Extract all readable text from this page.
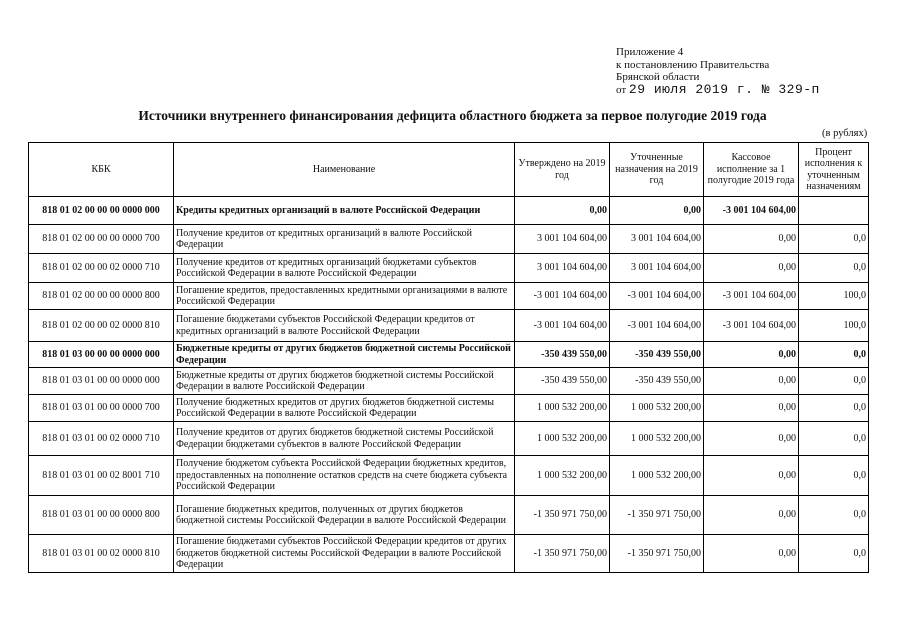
Приложение 4
к постановлению Правительства
Брянской области
от 29 июля 2019 г. № 329-п
Источники внутреннего финансирования дефицита областного бюджета за первое полугодие 2019 года
(в рублях)
КБК	Наименование	Утверждено на 2019 год	Уточненные назначения на 2019 год	Кассовое исполнение за 1 полугодие 2019 года	Процент исполнения к уточненным назначениям
818 01 02 00 00 00 0000 000	Кредиты кредитных организаций в валюте Российской Федерации	0,00	0,00	-3 001 104 604,00	
818 01 02 00 00 00 0000 700	Получение кредитов от кредитных организаций в валюте Российской Федерации	3 001 104 604,00	3 001 104 604,00	0,00	0,0
818 01 02 00 00 02 0000 710	Получение кредитов от кредитных организаций бюджетами субъектов Российской Федерации в валюте Российской Федерации	3 001 104 604,00	3 001 104 604,00	0,00	0,0
818 01 02 00 00 00 0000 800	Погашение кредитов, предоставленных кредитными организациями в валюте Российской Федерации	-3 001 104 604,00	-3 001 104 604,00	-3 001 104 604,00	100,0
818 01 02 00 00 02 0000 810	Погашение бюджетами субъектов Российской Федерации кредитов от кредитных организаций в валюте Российской Федерации	-3 001 104 604,00	-3 001 104 604,00	-3 001 104 604,00	100,0
818 01 03 00 00 00 0000 000	Бюджетные кредиты от других бюджетов бюджетной системы Российской Федерации	-350 439 550,00	-350 439 550,00	0,00	0,0
818 01 03 01 00 00 0000 000	Бюджетные кредиты от других бюджетов бюджетной системы Российской Федерации в валюте Российской Федерации	-350 439 550,00	-350 439 550,00	0,00	0,0
818 01 03 01 00 00 0000 700	Получение бюджетных кредитов от других бюджетов бюджетной системы Российской Федерации в валюте Российской Федерации	1 000 532 200,00	1 000 532 200,00	0,00	0,0
818 01 03 01 00 02 0000 710	Получение кредитов от других бюджетов бюджетной системы Российской Федерации бюджетами субъектов в валюте Российской Федерации	1 000 532 200,00	1 000 532 200,00	0,00	0,0
818 01 03 01 00 02 8001 710	Получение бюджетом субъекта Российской Федерации бюджетных кредитов, предоставленных на пополнение остатков средств на счете бюджета субъекта Российской Федерации	1 000 532 200,00	1 000 532 200,00	0,00	0,0
818 01 03 01 00 00 0000 800	Погашение бюджетных кредитов, полученных от других бюджетов бюджетной системы Российской Федерации в валюте Российской Федерации	-1 350 971 750,00	-1 350 971 750,00	0,00	0,0
818 01 03 01 00 02 0000 810	Погашение бюджетами субъектов Российской Федерации кредитов от других бюджетов бюджетной системы Российской Федерации в валюте Российской Федерации	-1 350 971 750,00	-1 350 971 750,00	0,00	0,0
